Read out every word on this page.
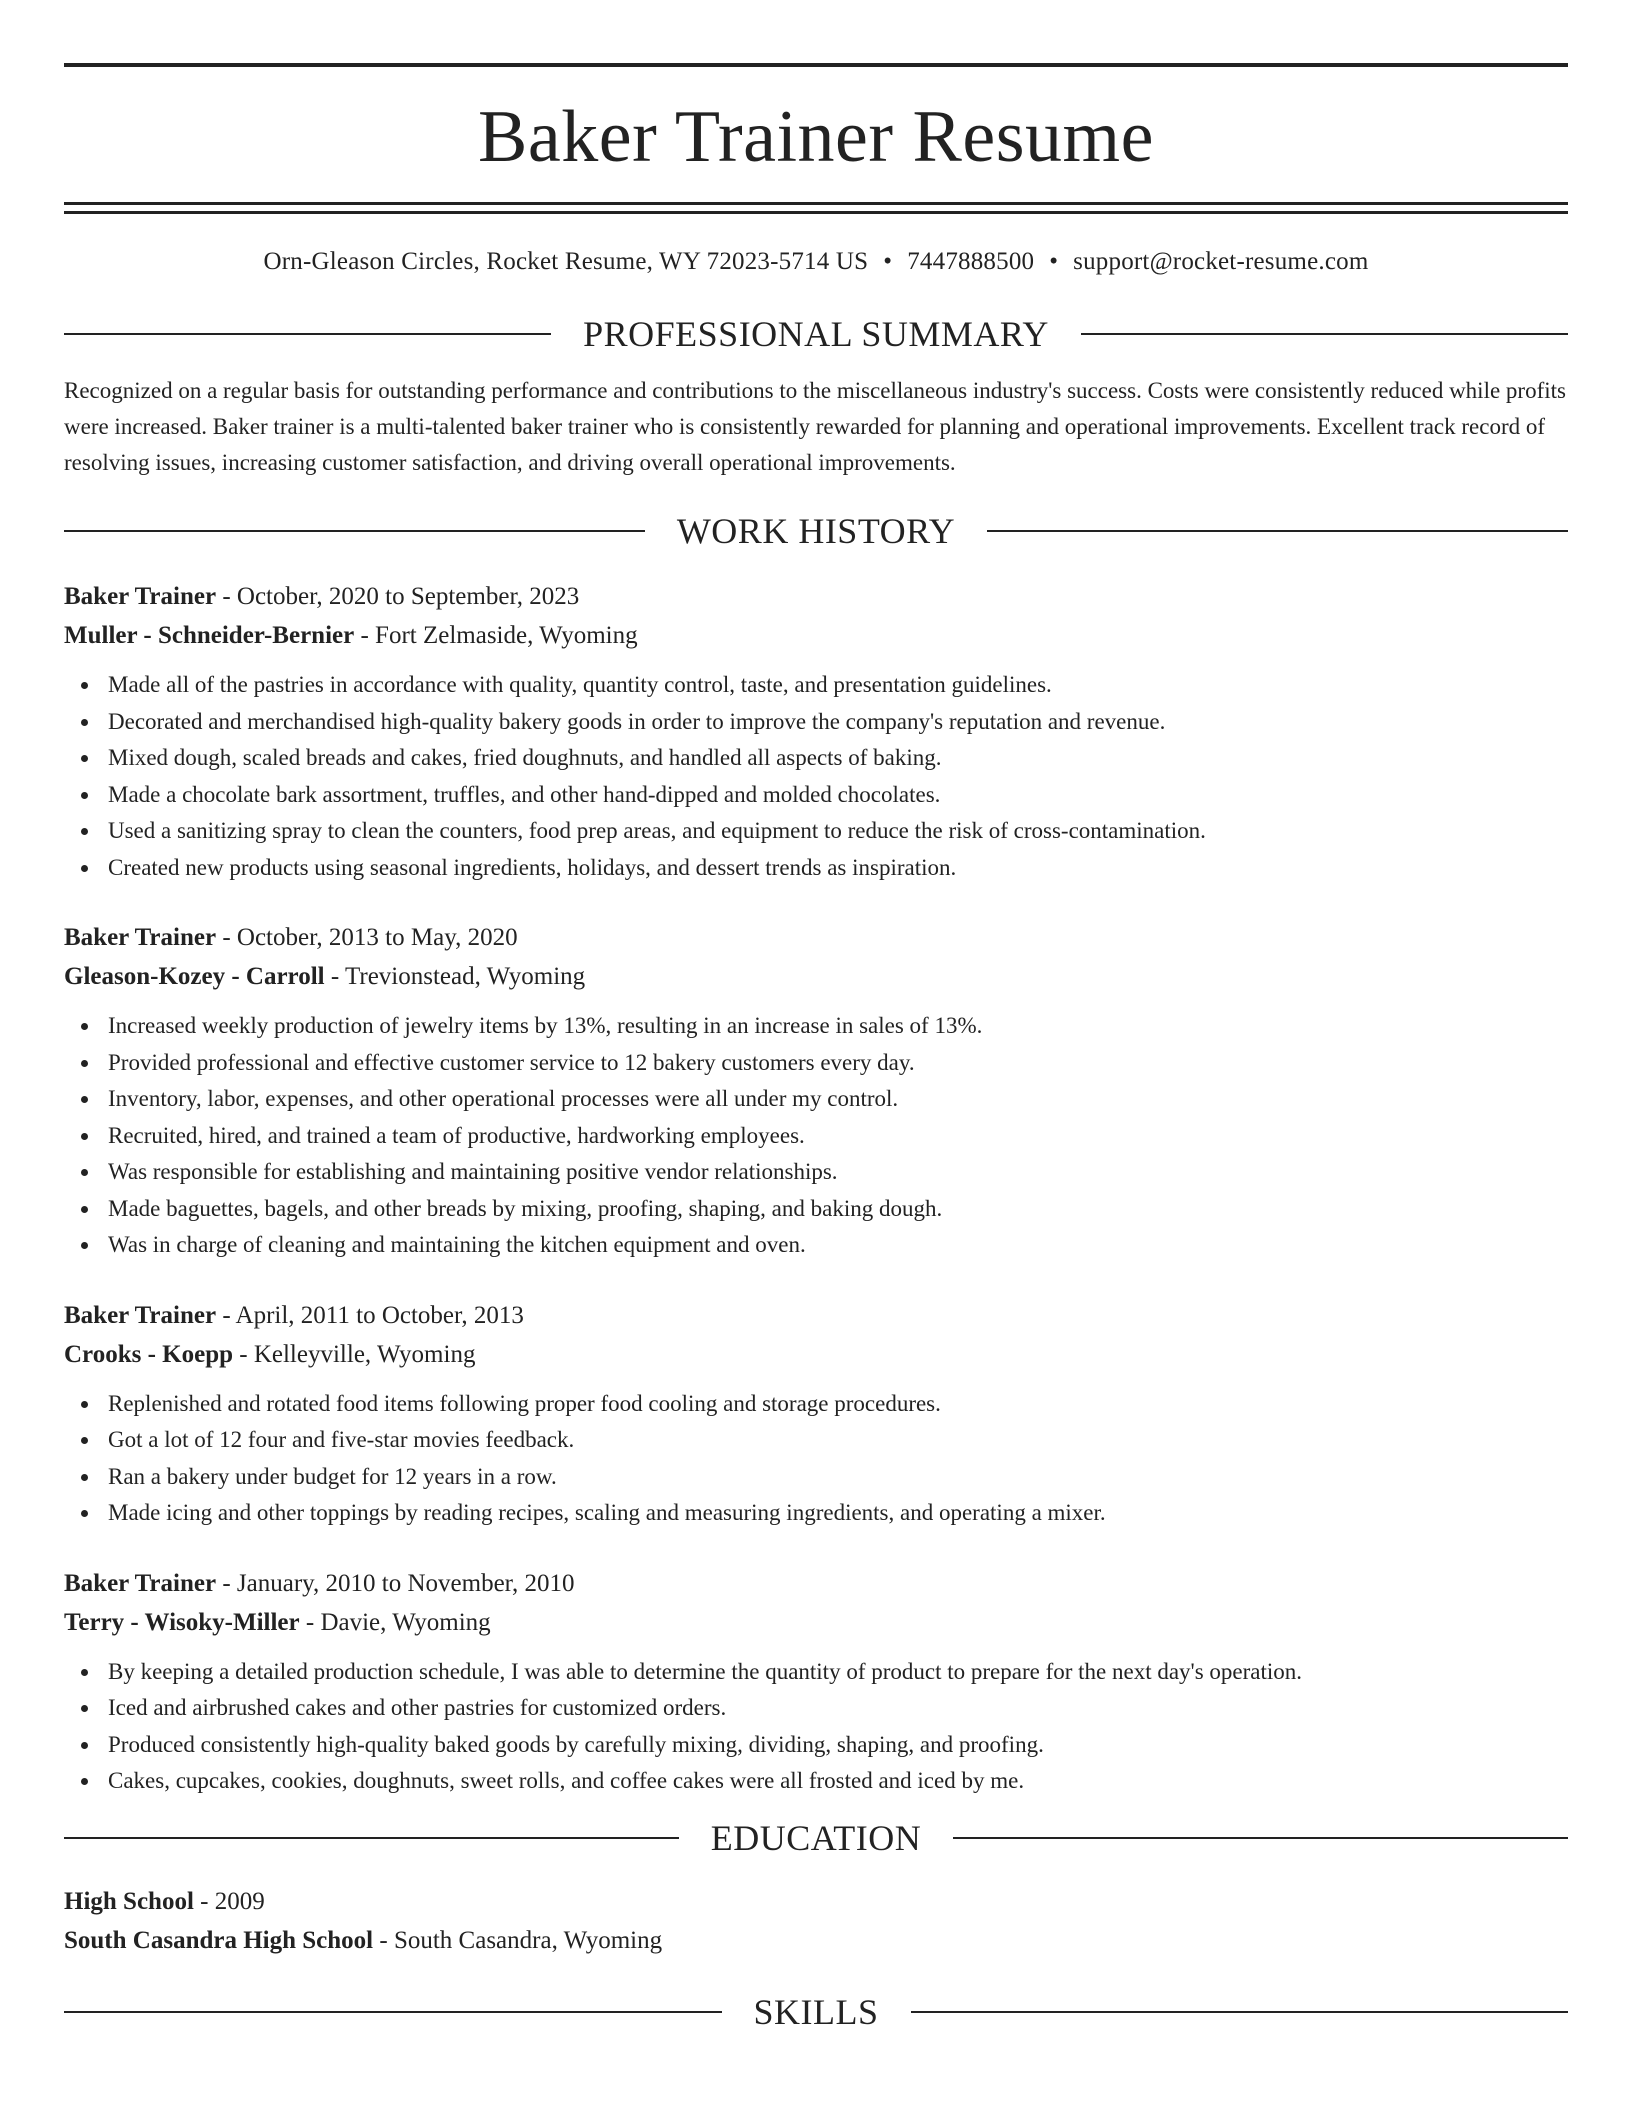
Baker Trainer Resume
Orn-Gleason Circles, Rocket Resume, WY 72023-5714 US • 7447888500 • support@rocket-resume.com
PROFESSIONAL SUMMARY

Recognized on a regular basis for outstanding performance and contributions to the miscellaneous industry's success. Costs were consistently reduced while profits were increased. Baker trainer is a multi-talented baker trainer who is consistently rewarded for planning and operational improvements. Excellent track record of resolving issues, increasing customer satisfaction, and driving overall operational improvements.

WORK HISTORY

Baker Trainer - October, 2020 to September, 2023

Muller - Schneider-Bernier - Fort Zelmaside, Wyoming

Made all of the pastries in accordance with quality, quantity control, taste, and presentation guidelines.
Decorated and merchandised high-quality bakery goods in order to improve the company's reputation and revenue.
Mixed dough, scaled breads and cakes, fried doughnuts, and handled all aspects of baking.
Made a chocolate bark assortment, truffles, and other hand-dipped and molded chocolates.
Used a sanitizing spray to clean the counters, food prep areas, and equipment to reduce the risk of cross-contamination.
Created new products using seasonal ingredients, holidays, and dessert trends as inspiration.

Baker Trainer - October, 2013 to May, 2020

Gleason-Kozey - Carroll - Trevionstead, Wyoming

Increased weekly production of jewelry items by 13%, resulting in an increase in sales of 13%.
Provided professional and effective customer service to 12 bakery customers every day.
Inventory, labor, expenses, and other operational processes were all under my control.
Recruited, hired, and trained a team of productive, hardworking employees.
Was responsible for establishing and maintaining positive vendor relationships.
Made baguettes, bagels, and other breads by mixing, proofing, shaping, and baking dough.
Was in charge of cleaning and maintaining the kitchen equipment and oven.

Baker Trainer - April, 2011 to October, 2013

Crooks - Koepp - Kelleyville, Wyoming

Replenished and rotated food items following proper food cooling and storage procedures.
Got a lot of 12 four and five-star movies feedback.
Ran a bakery under budget for 12 years in a row.
Made icing and other toppings by reading recipes, scaling and measuring ingredients, and operating a mixer.

Baker Trainer - January, 2010 to November, 2010

Terry - Wisoky-Miller - Davie, Wyoming

By keeping a detailed production schedule, I was able to determine the quantity of product to prepare for the next day's operation.
Iced and airbrushed cakes and other pastries for customized orders.
Produced consistently high-quality baked goods by carefully mixing, dividing, shaping, and proofing.
Cakes, cupcakes, cookies, doughnuts, sweet rolls, and coffee cakes were all frosted and iced by me.
EDUCATION

High School - 2009

South Casandra High School - South Casandra, Wyoming

SKILLS
